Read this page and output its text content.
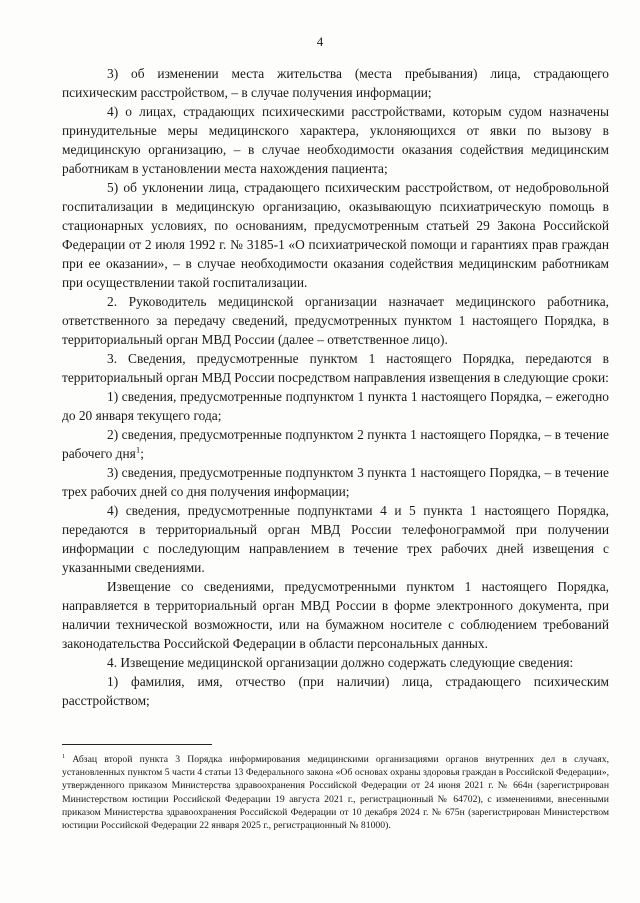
4

3) об изменении места жительства (места пребывания) лица, страдающего психическим расстройством, – в случае получения информации;

4) о лицах, страдающих психическими расстройствами, которым судом назначены принудительные меры медицинского характера, уклоняющихся от явки по вызову в медицинскую организацию, – в случае необходимости оказания содействия медицинским работникам в установлении места нахождения пациента;

5) об уклонении лица, страдающего психическим расстройством, от недобровольной госпитализации в медицинскую организацию, оказывающую психиатрическую помощь в стационарных условиях, по основаниям, предусмотренным статьей 29 Закона Российской Федерации от 2 июля 1992 г. № 3185-1 «О психиатрической помощи и гарантиях прав граждан при ее оказании», – в случае необходимости оказания содействия медицинским работникам при осуществлении такой госпитализации.

2. Руководитель медицинской организации назначает медицинского работника, ответственного за передачу сведений, предусмотренных пунктом 1 настоящего Порядка, в территориальный орган МВД России (далее – ответственное лицо).

3. Сведения, предусмотренные пунктом 1 настоящего Порядка, передаются в территориальный орган МВД России посредством направления извещения в следующие сроки:

1) сведения, предусмотренные подпунктом 1 пункта 1 настоящего Порядка, – ежегодно до 20 января текущего года;

2) сведения, предусмотренные подпунктом 2 пункта 1 настоящего Порядка, – в течение рабочего дня$^1$;

3) сведения, предусмотренные подпунктом 3 пункта 1 настоящего Порядка, – в течение трех рабочих дней со дня получения информации;

4) сведения, предусмотренные подпунктами 4 и 5 пункта 1 настоящего Порядка, передаются в территориальный орган МВД России телефонограммой при получении информации с последующим направлением в течение трех рабочих дней извещения с указанными сведениями.

Извещение со сведениями, предусмотренными пунктом 1 настоящего Порядка, направляется в территориальный орган МВД России в форме электронного документа, при наличии технической возможности, или на бумажном носителе с соблюдением требований законодательства Российской Федерации в области персональных данных.

4. Извещение медицинской организации должно содержать следующие сведения:

1) фамилия, имя, отчество (при наличии) лица, страдающего психическим расстройством;

$^1$ Абзац второй пункта 3 Порядка информирования медицинскими организациями органов внутренних дел в случаях, установленных пунктом 5 части 4 статьи 13 Федерального закона «Об основах охраны здоровья граждан в Российской Федерации», утвержденного приказом Министерства здравоохранения Российской Федерации от 24 июня 2021 г. № 664н (зарегистрирован Министерством юстиции Российской Федерации 19 августа 2021 г., регистрационный № 64702), с изменениями, внесенными приказом Министерства здравоохранения Российской Федерации от 10 декабря 2024 г. № 675н (зарегистрирован Министерством юстиции Российской Федерации 22 января 2025 г., регистрационный № 81000).
